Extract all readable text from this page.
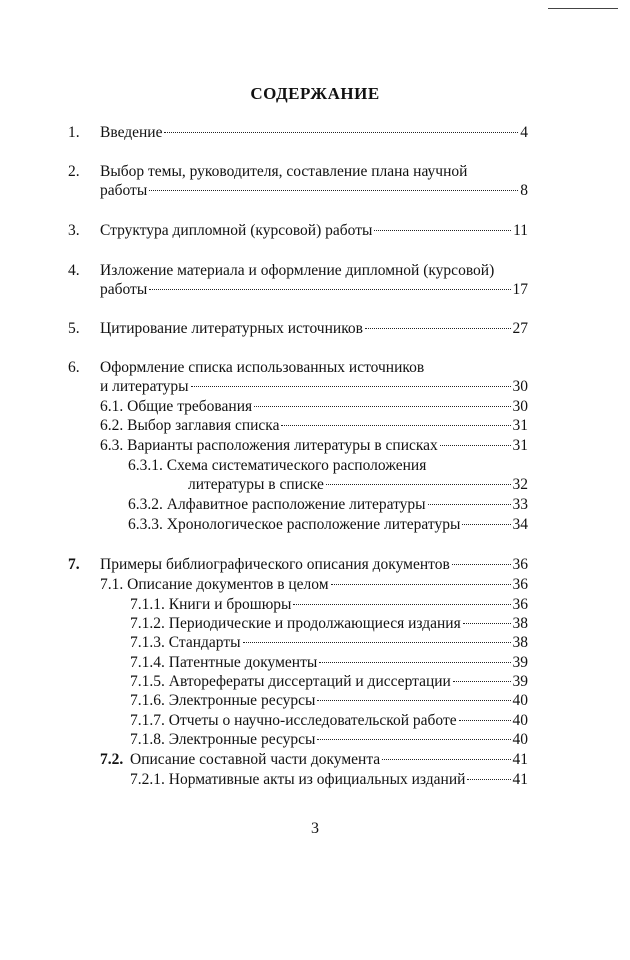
СОДЕРЖАНИЕ
1. Введение	4
2. Выбор темы, руководителя, составление плана научной
работы	8
3. Структура дипломной (курсовой) работы	11
4. Изложение материала и оформление дипломной (курсовой)
работы	17
5. Цитирование литературных источников	27
6. Оформление списка использованных источников
и литературы	30
6.1. Общие требования	30
6.2. Выбор заглавия списка	31
6.3. Варианты расположения литературы в списках	31
6.3.1. Схема систематического расположения
литературы в списке	32
6.3.2. Алфавитное расположение литературы	33
6.3.3. Хронологическое расположение литературы	34
7. Примеры библиографического описания документов	36
7.1. Описание документов в целом	36
7.1.1. Книги и брошюры	36
7.1.2. Периодические и продолжающиеся издания	38
7.1.3. Стандарты	38
7.1.4. Патентные документы	39
7.1.5. Авторефераты диссертаций и диссертации	39
7.1.6. Электронные ресурсы	40
7.1.7. Отчеты о научно-исследовательской работе	40
7.1.8. Электронные ресурсы	40
7.2. Описание составной части документа	41
7.2.1. Нормативные акты из официальных изданий	41
3
